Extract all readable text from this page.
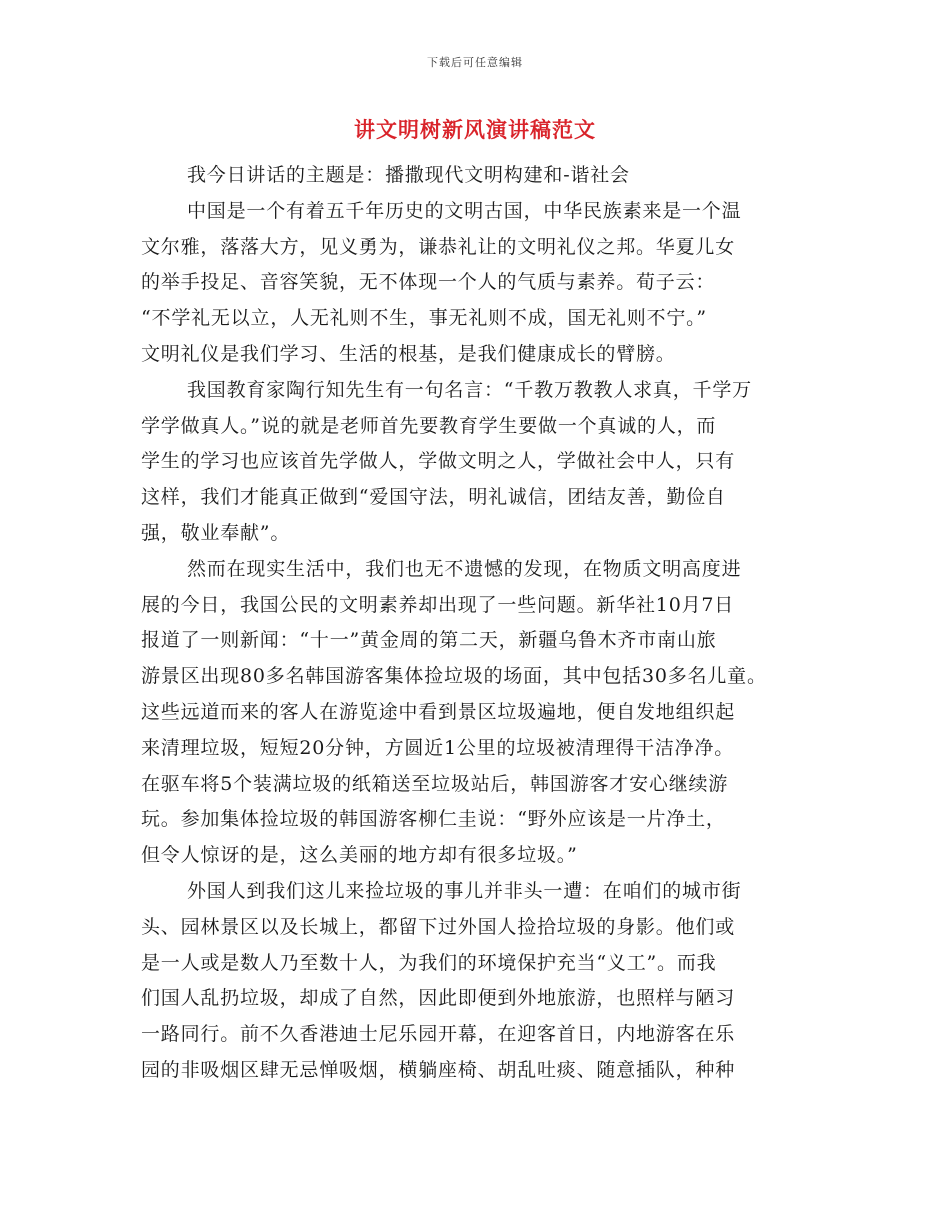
下载后可任意编辑
讲文明树新风演讲稿范文
我今日讲话的主题是：播撒现代文明构建和-谐社会
中国是一个有着五千年历史的文明古国，中华民族素来是一个温
文尔雅，落落大方，见义勇为，谦恭礼让的文明礼仪之邦。华夏儿女
的举手投足、音容笑貌，无不体现一个人的气质与素养。荀子云：
“不学礼无以立，人无礼则不生，事无礼则不成，国无礼则不宁。”
文明礼仪是我们学习、生活的根基，是我们健康成长的臂膀。
我国教育家陶行知先生有一句名言：“千教万教教人求真，千学万
学学做真人。”说的就是老师首先要教育学生要做一个真诚的人，而
学生的学习也应该首先学做人，学做文明之人，学做社会中人，只有
这样，我们才能真正做到“爱国守法，明礼诚信，团结友善，勤俭自
强，敬业奉献”。
然而在现实生活中，我们也无不遗憾的发现，在物质文明高度进
展的今日，我国公民的文明素养却出现了一些问题。新华社10月7日
报道了一则新闻：“十一”黄金周的第二天，新疆乌鲁木齐市南山旅
游景区出现80多名韩国游客集体捡垃圾的场面，其中包括30多名儿童。
这些远道而来的客人在游览途中看到景区垃圾遍地，便自发地组织起
来清理垃圾，短短20分钟，方圆近1公里的垃圾被清理得干洁净净。
在驱车将5个装满垃圾的纸箱送至垃圾站后，韩国游客才安心继续游
玩。参加集体捡垃圾的韩国游客柳仁圭说：“野外应该是一片净土，
但令人惊讶的是，这么美丽的地方却有很多垃圾。”
外国人到我们这儿来捡垃圾的事儿并非头一遭：在咱们的城市街
头、园林景区以及长城上，都留下过外国人捡拾垃圾的身影。他们或
是一人或是数人乃至数十人，为我们的环境保护充当“义工”。而我
们国人乱扔垃圾，却成了自然，因此即便到外地旅游，也照样与陋习
一路同行。前不久香港迪士尼乐园开幕，在迎客首日，内地游客在乐
园的非吸烟区肆无忌惮吸烟，横躺座椅、胡乱吐痰、随意插队，种种
